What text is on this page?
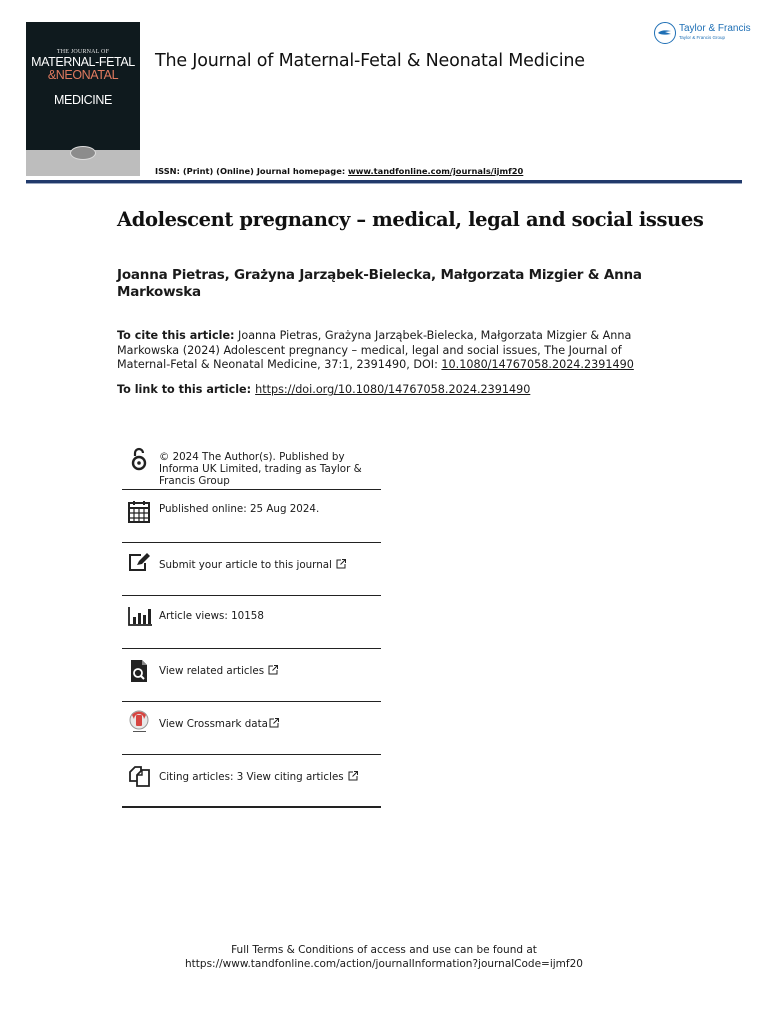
THE JOURNAL OF
MATERNAL-FETAL
&NEONATAL
MEDICINE
The Journal of Maternal-Fetal & Neonatal Medicine
Taylor & Francis
Taylor & Francis Group
ISSN: (Print) (Online) Journal homepage: www.tandfonline.com/journals/ijmf20
Adolescent pregnancy – medical, legal and social issues
Joanna Pietras, Grażyna Jarząbek-Bielecka, Małgorzata Mizgier & Anna Markowska
To cite this article: Joanna Pietras, Grażyna Jarząbek-Bielecka, Małgorzata Mizgier & Anna Markowska (2024) Adolescent pregnancy – medical, legal and social issues, The Journal of Maternal-Fetal & Neonatal Medicine, 37:1, 2391490, DOI: 10.1080/14767058.2024.2391490
To link to this article: https://doi.org/10.1080/14767058.2024.2391490
© 2024 The Author(s). Published by Informa UK Limited, trading as Taylor & Francis Group
Published online: 25 Aug 2024.
Submit your article to this journal
Article views: 10158
View related articles
View Crossmark data
Citing articles: 3 View citing articles
Full Terms & Conditions of access and use can be found at
https://www.tandfonline.com/action/journalInformation?journalCode=ijmf20
